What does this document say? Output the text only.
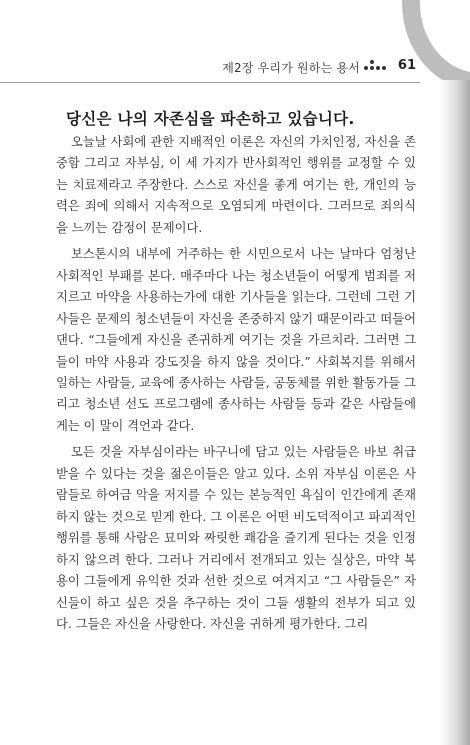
제2장 우리가 원하는 용서	61
당신은 나의 자존심을 파손하고 있습니다.

오늘날 사회에 관한 지배적인 이론은 자신의 가치인정, 자신을 존중함 그리고 자부심, 이 세 가지가 반사회적인 행위를 교정할 수 있는 치료제라고 주장한다. 스스로 자신을 좋게 여기는 한, 개인의 능력은 죄에 의해서 지속적으로 오염되게 마련이다. 그러므로 죄의식을 느끼는 감정이 문제이다.

보스톤시의 내부에 거주하는 한 시민으로서 나는 날마다 엄청난 사회적인 부패를 본다. 매주마다 나는 청소년들이 어떻게 범죄를 저지르고 마약을 사용하는가에 대한 기사들을 읽는다. 그런데 그런 기사들은 문제의 청소년들이 자신을 존중하지 않기 때문이라고 떠들어 댄다. “그들에게 자신을 존귀하게 여기는 것을 가르치라. 그러면 그들이 마약 사용과 강도짓을 하지 않을 것이다.” 사회복지를 위해서 일하는 사람들, 교육에 종사하는 사람들, 공동체를 위한 활동가들 그리고 청소년 선도 프로그램에 종사하는 사람들 등과 같은 사람들에게는 이 말이 격언과 같다.

모든 것을 자부심이라는 바구니에 담고 있는 사람들은 바보 취급 받을 수 있다는 것을 젊은이들은 알고 있다. 소위 자부심 이론은 사람들로 하여금 악을 저지를 수 있는 본능적인 욕심이 인간에게 존재하지 않는 것으로 믿게 한다. 그 이론은 어떤 비도덕적이고 파괴적인 행위를 통해 사람은 묘미와 짜릿한 쾌감을 즐기게 된다는 것을 인정하지 않으려 한다. 그러나 거리에서 전개되고 있는 실상은, 마약 복용이 그들에게 유익한 것과 선한 것으로 여겨지고 “그 사람들은” 자신들이 하고 싶은 것을 추구하는 것이 그들 생활의 전부가 되고 있다. 그들은 자신을 사랑한다. 자신을 귀하게 평가한다. 그리
